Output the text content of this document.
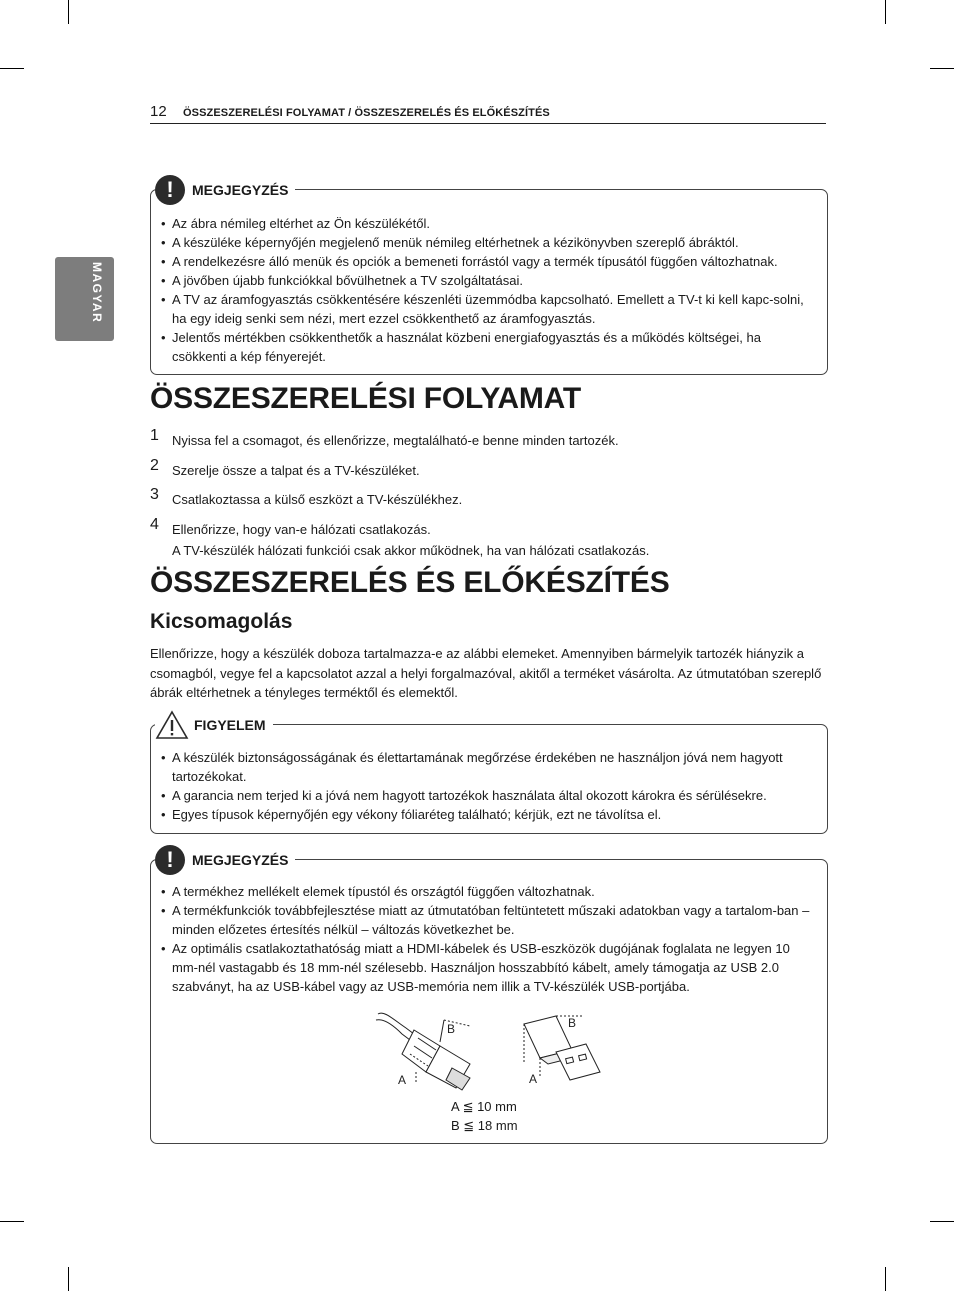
12 ÖSSZESZERELÉSI FOLYAMAT / ÖSSZESZERELÉS ÉS ELŐKÉSZÍTÉS
MAGYAR
!	MEGJEGYZÉS
• Az ábra némileg eltérhet az Ön készülékétől.
• A készüléke képernyőjén megjelenő menük némileg eltérhetnek a kézikönyvben szereplő ábráktól.
• A rendelkezésre álló menük és opciók a bemeneti forrástól vagy a termék típusától függően változhatnak.
• A jövőben újabb funkciókkal bővülhetnek a TV szolgáltatásai.
• A TV az áramfogyasztás csökkentésére készenléti üzemmódba kapcsolható. Emellett a TV-t ki kell kapc-solni, ha egy ideig senki sem nézi, mert ezzel csökkenthető az áramfogyasztás.
• Jelentős mértékben csökkenthetők a használat közbeni energiafogyasztás és a működés költségei, ha csökkenti a kép fényerejét.
ÖSSZESZERELÉSI FOLYAMAT
1 Nyissa fel a csomagot, és ellenőrizze, megtalálható-e benne minden tartozék.
2 Szerelje össze a talpat és a TV-készüléket.
3 Csatlakoztassa a külső eszközt a TV-készülékhez.
4 Ellenőrizze, hogy van-e hálózati csatlakozás.
A TV-készülék hálózati funkciói csak akkor működnek, ha van hálózati csatlakozás.
ÖSSZESZERELÉS ÉS ELŐKÉSZÍTÉS
Kicsomagolás

Ellenőrizze, hogy a készülék doboza tartalmazza-e az alábbi elemeket. Amennyiben bármelyik tartozék hiányzik a csomagból, vegye fel a kapcsolatot azzal a helyi forgalmazóval, akitől a terméket vásárolta. Az útmutatóban szereplő ábrák eltérhetnek a tényleges terméktől és elemektől.

FIGYELEM
• A készülék biztonságosságának és élettartamának megőrzése érdekében ne használjon jóvá nem hagyott tartozékokat.
• A garancia nem terjed ki a jóvá nem hagyott tartozékok használata által okozott károkra és sérülésekre.
• Egyes típusok képernyőjén egy vékony fóliaréteg található; kérjük, ezt ne távolítsa el.
!	MEGJEGYZÉS
• A termékhez mellékelt elemek típustól és országtól függően változhatnak.
• A termékfunkciók továbbfejlesztése miatt az útmutatóban feltüntetett műszaki adatokban vagy a tartalom-ban – minden előzetes értesítés nélkül – változás következhet be.
• Az optimális csatlakoztathatóság miatt a HDMI-kábelek és USB-eszközök dugójának foglalata ne legyen 10 mm-nél vastagabb és 18 mm-nél szélesebb. Használjon hosszabbító kábelt, amely támogatja az USB 2.0 szabványt, ha az USB-kábel vagy az USB-memória nem illik a TV-készülék USB-portjába.
B
A
B
A
A ≦ 10 mm
B ≦ 18 mm
